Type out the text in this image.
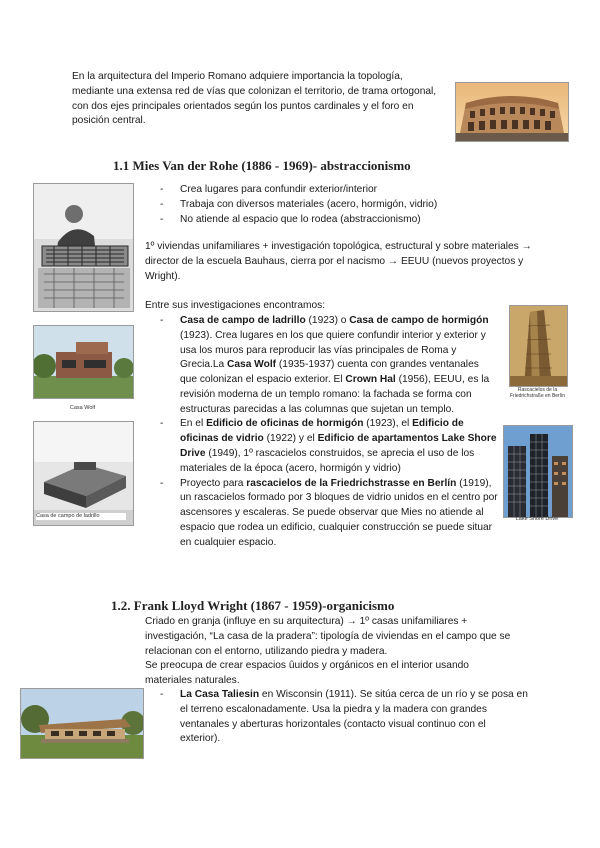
En la arquitectura del Imperio Romano adquiere importancia la topología, mediante una extensa red de vías que colonizan el territorio, de trama ortogonal, con dos ejes principales orientados según los puntos cardinales y el foro en posición central.

1.1 Mies Van der Rohe (1886 - 1969)- abstraccionismo
- Crea lugares para confundir exterior/interior
- Trabaja con diversos materiales (acero, hormigón, vidrio)
- No atiende al espacio que lo rodea (abstraccionismo)

1º viviendas unifamiliares + investigación topológica, estructural y sobre materiales → director de la escuela Bauhaus, cierra por el nacismo → EEUU (nuevos proyectos y Wright).

Entre sus investigaciones encontramos:

Casa Wolf
Casa de campo de ladrillo
- Casa de campo de ladrillo (1923) o Casa de campo de hormigón (1923). Crea lugares en los que quiere confundir interior y exterior y usa los muros para reproducir las vías principales de Roma y Grecia.La Casa Wolf (1935-1937) cuenta con grandes ventanales que colonizan el espacio exterior. El Crown Hal (1956), EEUU, es la revisión moderna de un templo romano: la fachada se forma con estructuras parecidas a las columnas que sujetan un templo.
- En el Edificio de oficinas de hormigón (1923), el Edificio de oficinas de vidrio (1922) y el Edificio de apartamentos Lake Shore Drive (1949), 1º rascacielos construidos, se aprecia el uso de los materiales de la época (acero, hormigón y vidrio)
- Proyecto para rascacielos de la Friedrichstrasse en Berlín (1919), un rascacielos formado por 3 bloques de vidrio unidos en el centro por ascensores y escaleras. Se puede observar que Mies no atiende al espacio que rodea un edificio, cualquier construcción se puede situar en cualquier espacio.
Rascacielos de la Friedrichstraße en Berlín
Lake Shore Drive
1.2. Frank Lloyd Wright (1867 - 1959)-organicismo

Criado en granja (influye en su arquitectura) → 1º casas unifamiliares + investigación, “La casa de la pradera”: tipología de viviendas en el campo que se relacionan con el entorno, utilizando piedra y madera.

Se preocupa de crear espacios ûuidos y orgánicos en el interior usando materiales naturales.

- La Casa Taliesin en Wisconsin (1911). Se sitúa cerca de un río y se posa en el terreno escalonadamente. Usa la piedra y la madera con grandes ventanales y aberturas horizontales (contacto visual continuo con el exterior).
